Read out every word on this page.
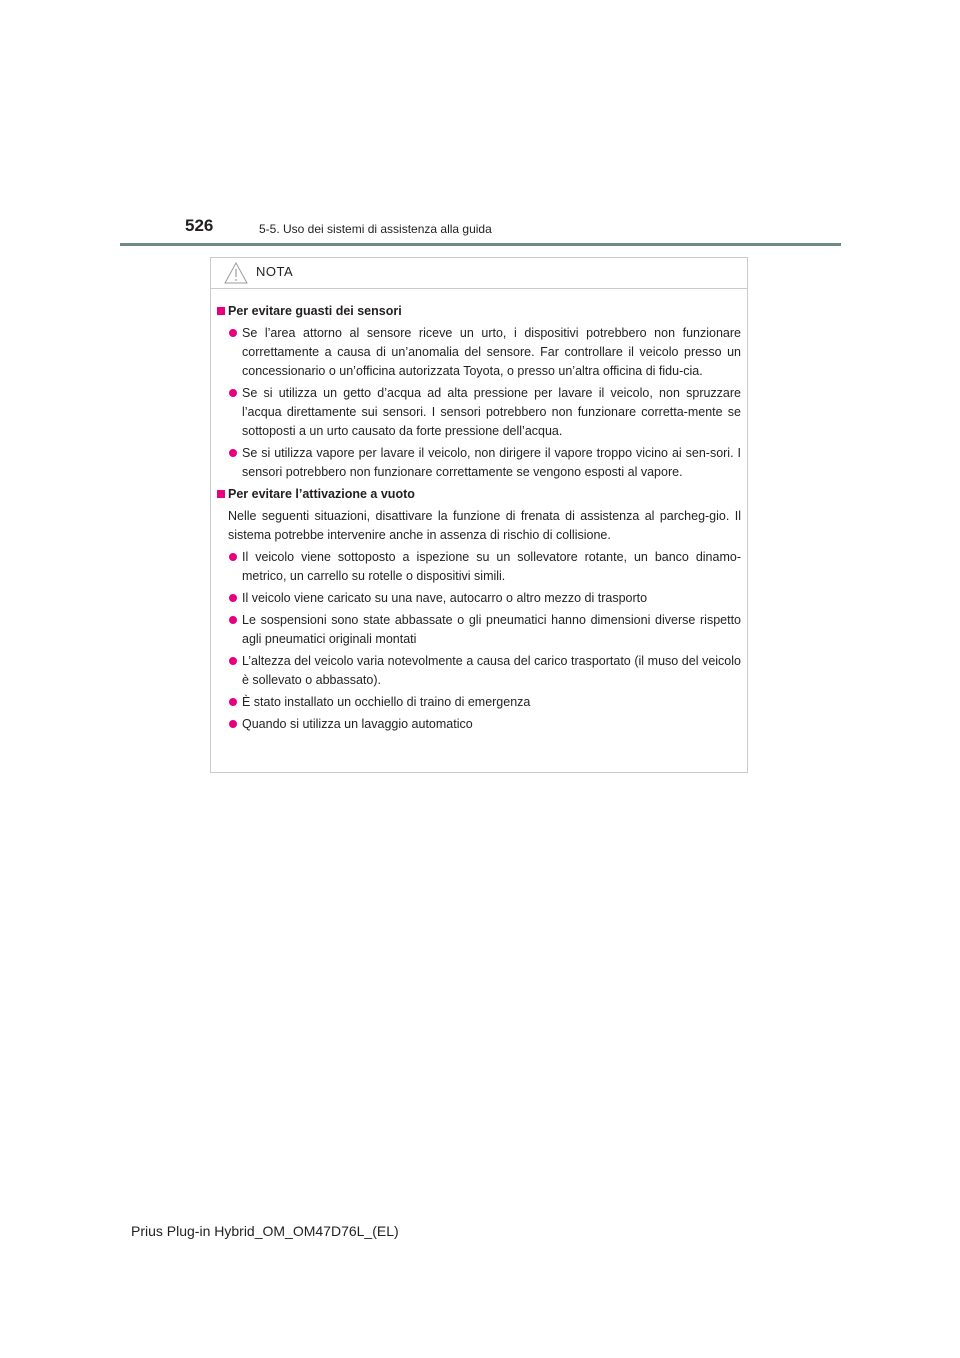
526	5-5. Uso dei sistemi di assistenza alla guida
NOTA
Per evitare guasti dei sensori
Se l’area attorno al sensore riceve un urto, i dispositivi potrebbero non funzionare correttamente a causa di un’anomalia del sensore. Far controllare il veicolo presso un concessionario o un’officina autorizzata Toyota, o presso un’altra officina di fidu-cia.
Se si utilizza un getto d’acqua ad alta pressione per lavare il veicolo, non spruzzare l’acqua direttamente sui sensori. I sensori potrebbero non funzionare corretta-mente se sottoposti a un urto causato da forte pressione dell’acqua.
Se si utilizza vapore per lavare il veicolo, non dirigere il vapore troppo vicino ai sen-sori. I sensori potrebbero non funzionare correttamente se vengono esposti al vapore.
Per evitare l’attivazione a vuoto
Nelle seguenti situazioni, disattivare la funzione di frenata di assistenza al parcheg-gio. Il sistema potrebbe intervenire anche in assenza di rischio di collisione.
Il veicolo viene sottoposto a ispezione su un sollevatore rotante, un banco dinamo-metrico, un carrello su rotelle o dispositivi simili.
Il veicolo viene caricato su una nave, autocarro o altro mezzo di trasporto
Le sospensioni sono state abbassate o gli pneumatici hanno dimensioni diverse rispetto agli pneumatici originali montati
L’altezza del veicolo varia notevolmente a causa del carico trasportato (il muso del veicolo è sollevato o abbassato).
È stato installato un occhiello di traino di emergenza
Quando si utilizza un lavaggio automatico
Prius Plug-in Hybrid_OM_OM47D76L_(EL)
